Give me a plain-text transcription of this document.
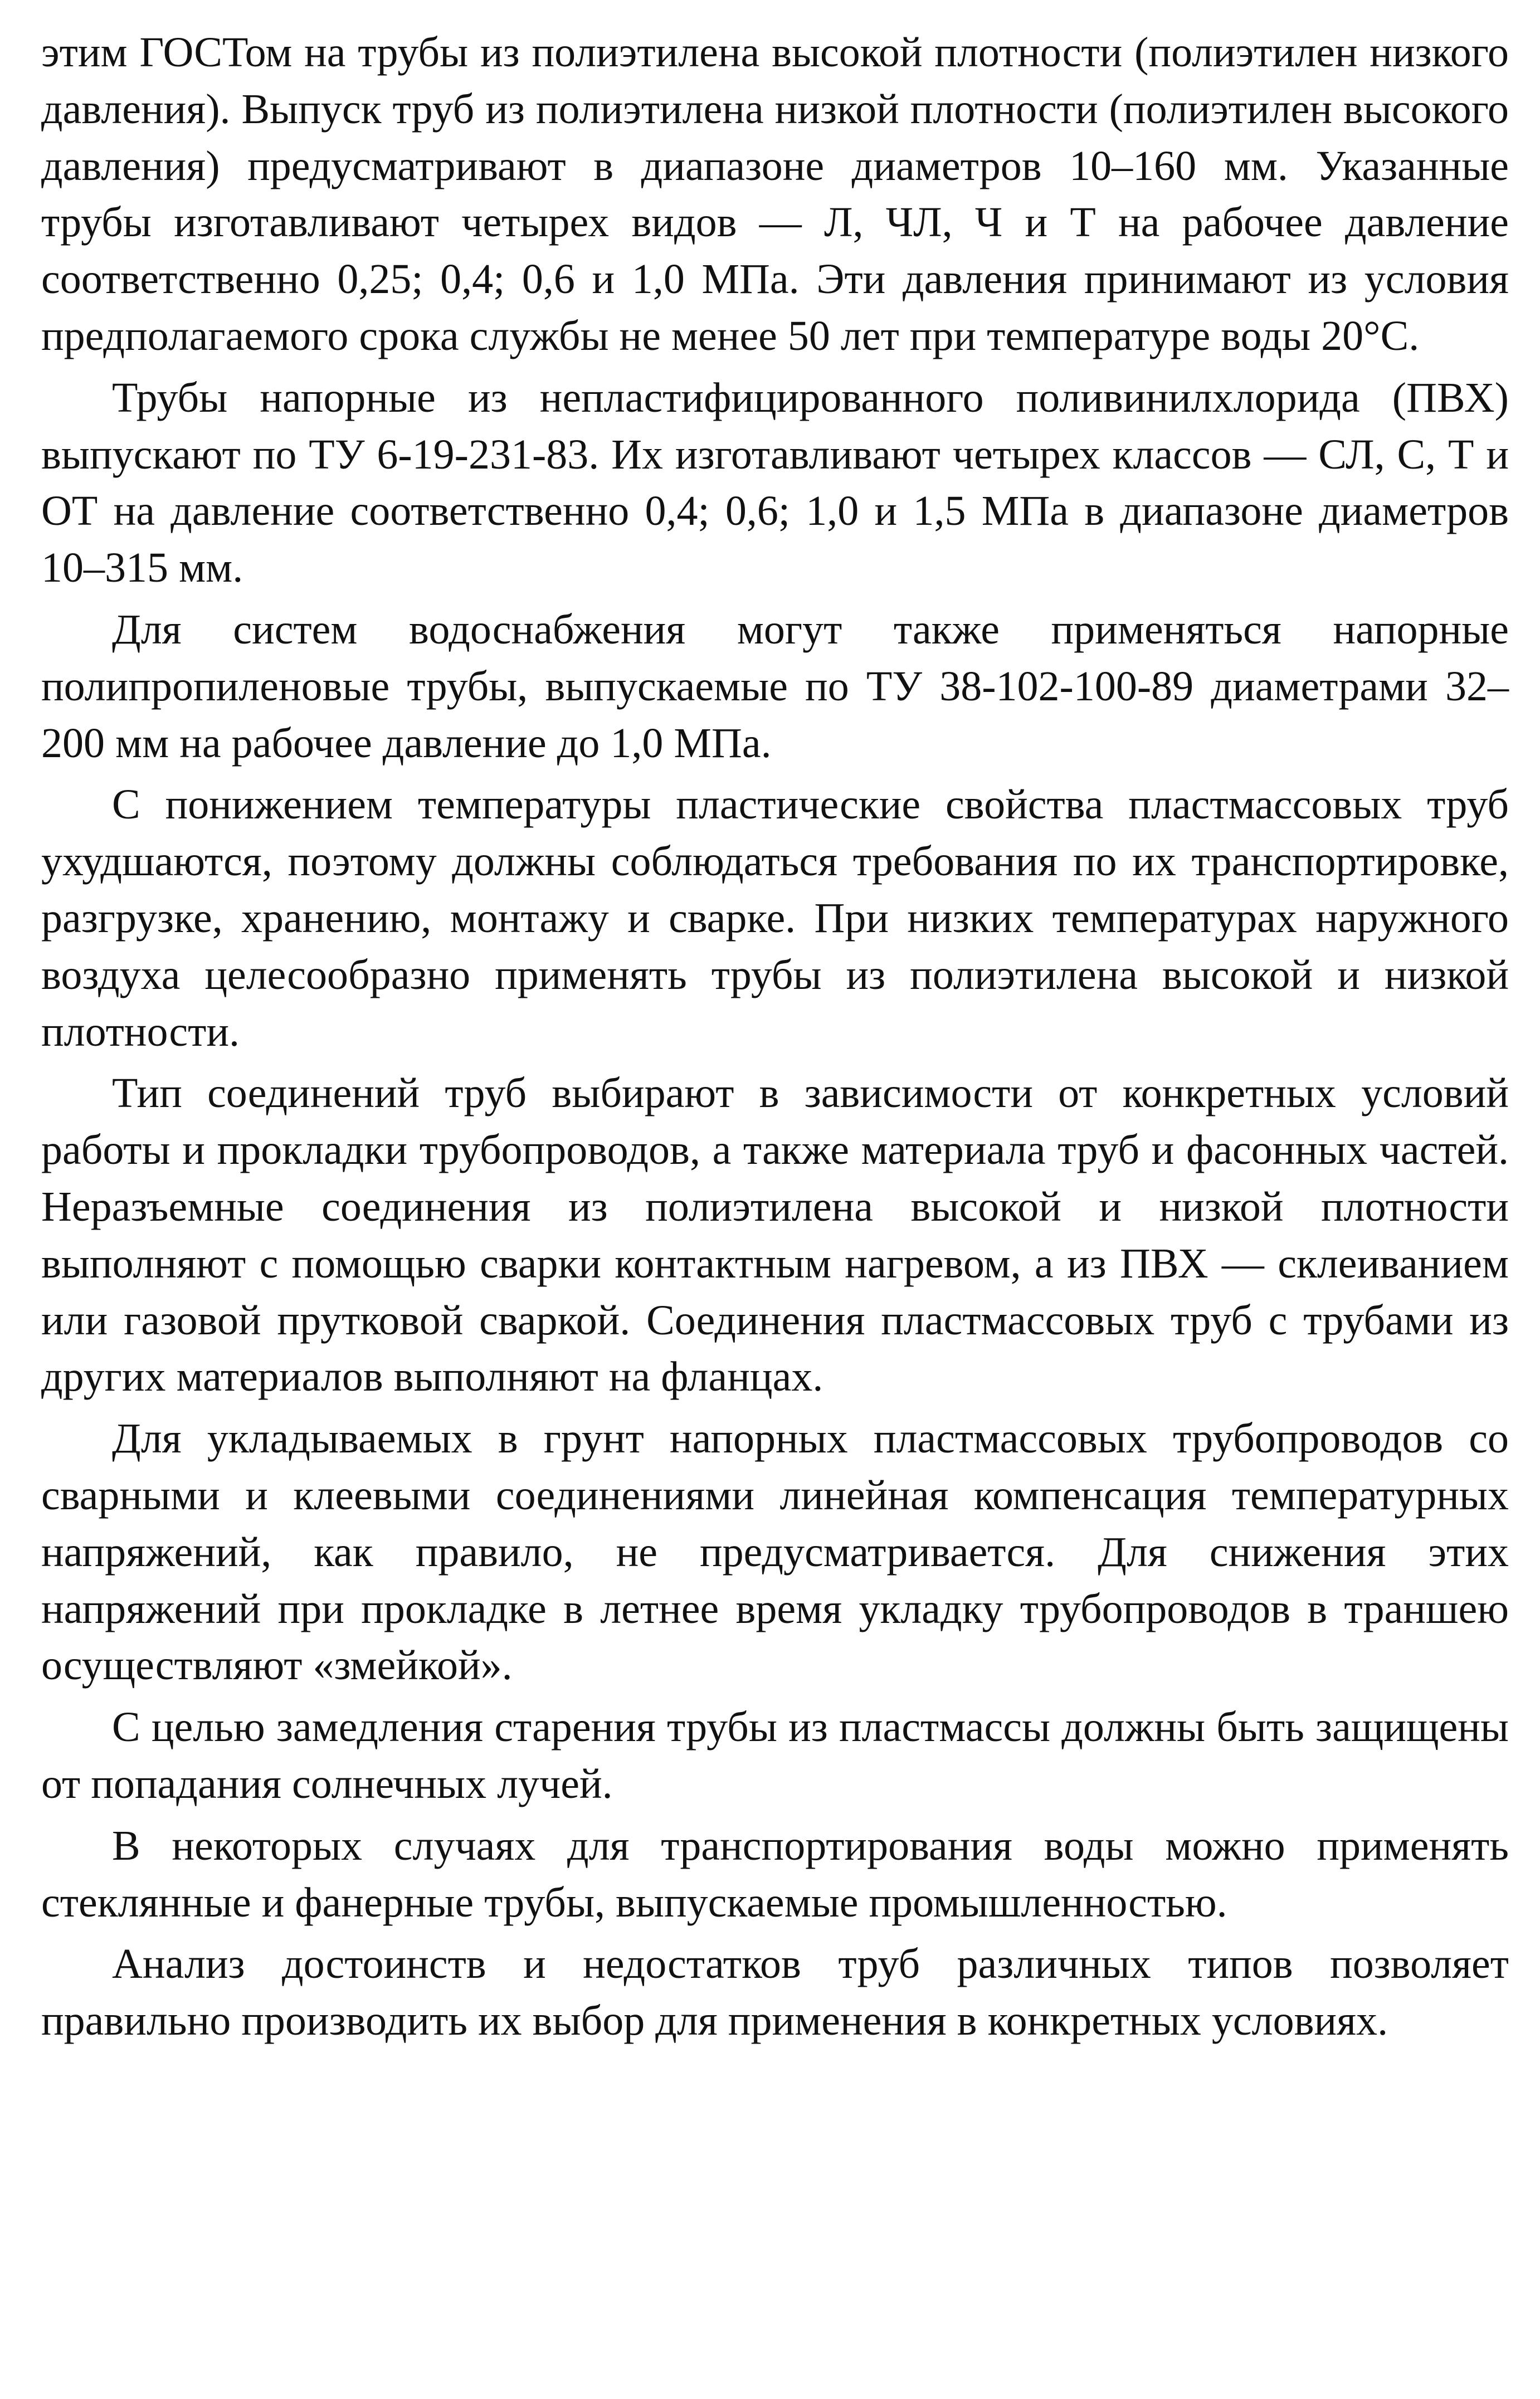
этим ГОСТом на трубы из полиэтилена высокой плотности (полиэтилен низкого давления). Выпуск труб из полиэтилена низкой плотности (полиэтилен высокого давления) предусматривают в диапазоне диаметров 10–160 мм. Указанные трубы изготавливают четырех видов — Л, ЧЛ, Ч и Т на рабочее давление соответственно 0,25; 0,4; 0,6 и 1,0 МПа. Эти давления принимают из условия предполагаемого срока службы не менее 50 лет при температуре воды 20°C.

Трубы напорные из непластифицированного поливинилхлорида (ПВХ) выпускают по ТУ 6-19-231-83. Их изготавливают четырех классов — СЛ, С, Т и ОТ на давление соответственно 0,4; 0,6; 1,0 и 1,5 МПа в диапазоне диаметров 10–315 мм.

Для систем водоснабжения могут также применяться напорные полипропиленовые трубы, выпускаемые по ТУ 38-102-100-89 диаметрами 32–200 мм на рабочее давление до 1,0 МПа.

С понижением температуры пластические свойства пластмассовых труб ухудшаются, поэтому должны соблюдаться требования по их транспортировке, разгрузке, хранению, монтажу и сварке. При низких температурах наружного воздуха целесообразно применять трубы из полиэтилена высокой и низкой плотности.

Тип соединений труб выбирают в зависимости от конкретных условий работы и прокладки трубопроводов, а также материала труб и фасонных частей. Неразъемные соединения из полиэтилена высокой и низкой плотности выполняют с помощью сварки контактным нагревом, а из ПВХ — склеиванием или газовой прутковой сваркой. Соединения пластмассовых труб с трубами из других материалов выполняют на фланцах.

Для укладываемых в грунт напорных пластмассовых трубопроводов со сварными и клеевыми соединениями линейная компенсация температурных напряжений, как правило, не предусматривается. Для снижения этих напряжений при прокладке в летнее время укладку трубопроводов в траншею осуществляют «змейкой».

С целью замедления старения трубы из пластмассы должны быть защищены от попадания солнечных лучей.

В некоторых случаях для транспортирования воды можно применять стеклянные и фанерные трубы, выпускаемые промышленностью.

Анализ достоинств и недостатков труб различных типов позволяет правильно производить их выбор для применения в конкретных условиях.
